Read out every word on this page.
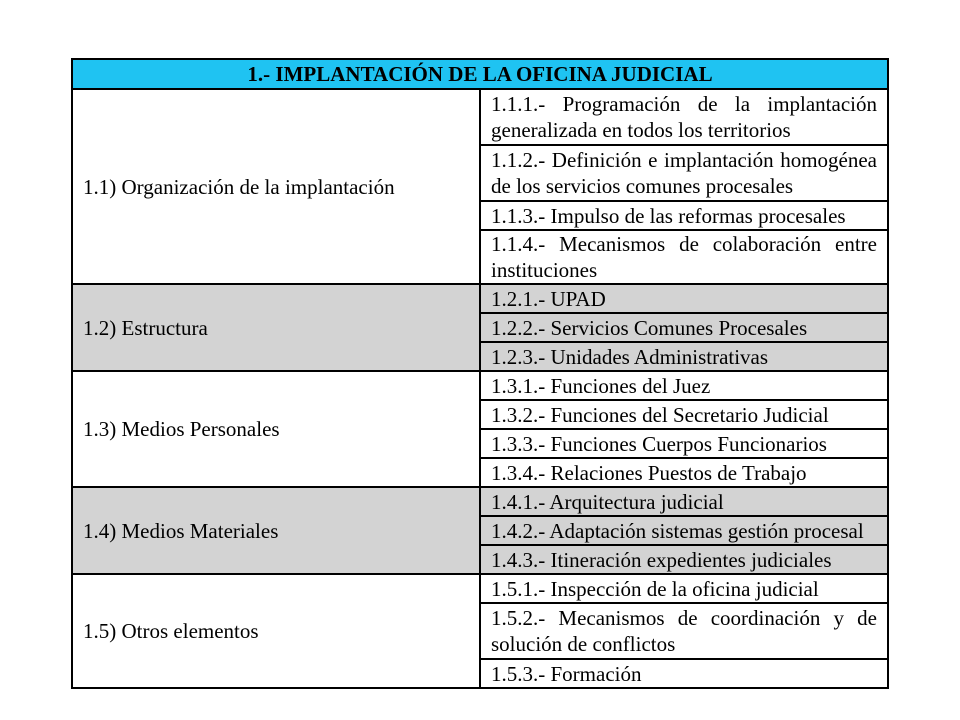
1.- IMPLANTACIÓN DE LA OFICINA JUDICIAL	
1.1) Organización de la implantación	1.1.1.- Programación de la implantación generalizada en todos los territorios
	1.1.2.- Definición e implantación homogénea de los servicios comunes procesales
	1.1.3.- Impulso de las reformas procesales
	1.1.4.- Mecanismos de colaboración entre instituciones
1.2) Estructura	1.2.1.- UPAD
	1.2.2.- Servicios Comunes Procesales
	1.2.3.- Unidades Administrativas
1.3) Medios Personales	1.3.1.- Funciones del Juez
	1.3.2.- Funciones del Secretario Judicial
	1.3.3.- Funciones Cuerpos Funcionarios
	1.3.4.- Relaciones Puestos de Trabajo
1.4) Medios Materiales	1.4.1.- Arquitectura judicial
	1.4.2.- Adaptación sistemas gestión procesal
	1.4.3.- Itineración expedientes judiciales
1.5) Otros elementos	1.5.1.- Inspección de la oficina judicial
	1.5.2.- Mecanismos de coordinación y de solución de conflictos
	1.5.3.- Formación
